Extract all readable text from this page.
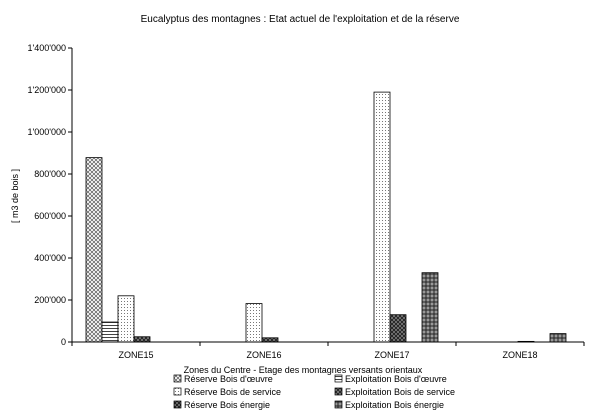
Eucalyptus des montagnes : Etat actuel de l'exploitation et de la réserve
[ m3 de bois ]
0
200'000
400'000
600'000
800'000
1'000'000
1'200'000
1'400'000
ZONE15	ZONE16	ZONE17	ZONE18
Zones du Centre - Etage des montagnes versants orientaux
Réserve Bois d'œuvre	Exploitation Bois d'œuvre
Réserve Bois de service	Exploitation Bois de service
Réserve Bois énergie	Exploitation Bois énergie
